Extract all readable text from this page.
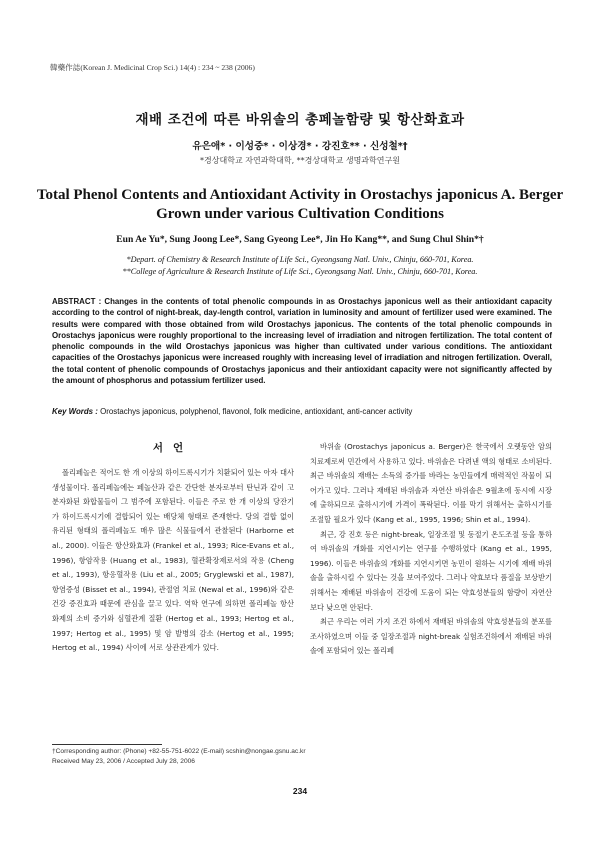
韓藥作誌(Korean J. Medicinal Crop Sci.) 14(4) : 234 ~ 238 (2006)
재배 조건에 따른 바위솔의 총페놀함량 및 항산화효과
유은애* · 이성중* · 이상경* · 강진호** · 신성철*†
*경상대학교 자연과학대학, **경상대학교 생명과학연구원
Total Phenol Contents and Antioxidant Activity in Orostachys japonicus A. Berger Grown under various Cultivation Conditions
Eun Ae Yu*, Sung Joong Lee*, Sang Gyeong Lee*, Jin Ho Kang**, and Sung Chul Shin*†
*Depart. of Chemistry & Research Institute of Life Sci., Gyeongsang Natl. Univ., Chinju, 660-701, Korea.
**College of Agriculture & Research Institute of Life Sci., Gyeongsang Natl. Univ., Chinju, 660-701, Korea.
ABSTRACT : Changes in the contents of total phenolic compounds in as Orostachys japonicus well as their antioxidant capacity according to the control of night-break, day-length control, variation in luminosity and amount of fertilizer used were examined. The results were compared with those obtained from wild Orostachys japonicus. The contents of the total phenolic compounds in Orostachys japonicus were roughly proportional to the increasing level of irradiation and nitrogen fertilization. The total content of phenolic compounds in the wild Orostachys japonicus was higher than cultivated under various conditions. The antioxidant capacities of the Orostachys japonicus were increased roughly with increasing level of irradiation and nitrogen fertilization. Overall, the total content of phenolic compounds of Orostachys japonicus and their antioxidant capacity were not significantly affected by the amount of phosphorus and potassium fertilizer used.
Key Words : Orostachys japonicus, polyphenol, flavonol, folk medicine, antioxidant, anti-cancer activity
서언

폴리페놀은 적어도 한 개 이상의 하이드록시기가 치환되어 있는 아자 대사 생성물이다. 폴리페놀에는 페놀산과 같은 간단한 분자로부터 탄닌과 같이 고분자화된 화합물들이 그 범주에 포함된다. 이들은 주로 한 개 이상의 당잔기가 하이드록시기에 결합되어 있는 배당체 형태로 존재한다. 당의 결합 없이 유리된 형태의 폴리페놀도 매우 많은 식물들에서 관찰된다 (Harborne et al., 2000). 이들은 항산화효과 (Frankel et al., 1993; Rice-Evans et al., 1996), 항암작용 (Huang et al., 1983), 혈관확장제로서의 작용 (Cheng et al., 1993), 항응혈작용 (Liu et al., 2005; Gryglewski et al., 1987), 항염증성 (Bisset et al., 1994), 관절염 치료 (Newal et al., 1996)와 같은 건강 증진효과 때문에 관심을 끌고 있다. 역학 연구에 의하면 폴리페놀 항산화제의 소비 증가와 심혈관계 질환 (Hertog et al., 1993; Hertog et al., 1997; Hertog et al., 1995) 및 암 발병의 감소 (Hertog et al., 1995; Hertog et al., 1994) 사이에 서로 상관관계가 있다.

바위솔 (Orostachys japonicus a. Berger)은 한국에서 오랫동안 암의 치료제로써 민간에서 사용하고 있다. 바위솔은 다려낸 액의 형태로 소비된다. 최근 바위솔의 재배는 소득의 증가를 바라는 농민들에게 매력적인 작물이 되어가고 있다. 그러나 재배된 바위솔과 자연산 바위솔은 9월초에 동시에 시장에 출하되므로 출하시기에 가격이 폭락된다. 이를 막기 위해서는 출하시기를 조절할 필요가 있다 (Kang et al., 1995, 1996; Shin et al., 1994).

최근, 강 진호 등은 night-break, 일장조절 및 동절기 온도조절 등을 통하여 바위솔의 개화를 지연시키는 연구를 수행하였다 (Kang et al., 1995, 1996). 이들은 바위솔의 개화를 지연시키면 농민이 원하는 시기에 재배 바위솔을 출하시킬 수 있다는 것을 보여주었다. 그러나 약효보다 품질을 보상받기 위해서는 재배된 바위솔이 건강에 도움이 되는 약효성분들의 함량이 자연산 보다 낮으면 안된다.

최근 우리는 여러 가지 조건 하에서 재배된 바위솔의 약효성분들의 분포를 조사하였으며 이들 중 일장조절과 night-break 실험조건하에서 재배된 바위솔에 포함되어 있는 폴리페

†Corresponding author: (Phone) +82-55-751-6022 (E-mail) scshin@nongae.gsnu.ac.kr
Received May 23, 2006 / Accepted July 28, 2006
234
